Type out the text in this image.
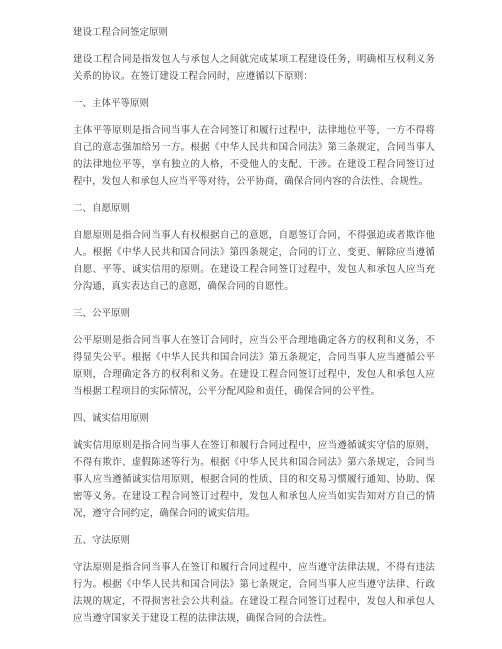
建设工程合同签定原则

建设工程合同是指发包人与承包人之间就完成某项工程建设任务，明确相互权利义务关系的协议。在签订建设工程合同时，应遵循以下原则：

一、主体平等原则

主体平等原则是指合同当事人在合同签订和履行过程中，法律地位平等，一方不得将自己的意志强加给另一方。根据《中华人民共和国合同法》第三条规定，合同当事人的法律地位平等，享有独立的人格，不受他人的支配、干涉。在建设工程合同签订过程中，发包人和承包人应当平等对待，公平协商，确保合同内容的合法性、合规性。

二、自愿原则

自愿原则是指合同当事人有权根据自己的意愿，自愿签订合同，不得强迫或者欺诈他人。根据《中华人民共和国合同法》第四条规定，合同的订立、变更、解除应当遵循自愿、平等、诚实信用的原则。在建设工程合同签订过程中，发包人和承包人应当充分沟通，真实表达自己的意愿，确保合同的自愿性。

三、公平原则

公平原则是指合同当事人在签订合同时，应当公平合理地确定各方的权利和义务，不得显失公平。根据《中华人民共和国合同法》第五条规定，合同当事人应当遵循公平原则，合理确定各方的权利和义务。在建设工程合同签订过程中，发包人和承包人应当根据工程项目的实际情况，公平分配风险和责任，确保合同的公平性。

四、诚实信用原则

诚实信用原则是指合同当事人在签订和履行合同过程中，应当遵循诚实守信的原则，不得有欺诈、虚假陈述等行为。根据《中华人民共和国合同法》第六条规定，合同当事人应当遵循诚实信用原则，根据合同的性质、目的和交易习惯履行通知、协助、保密等义务。在建设工程合同签订过程中，发包人和承包人应当如实告知对方自己的情况，遵守合同约定，确保合同的诚实信用。

五、守法原则

守法原则是指合同当事人在签订和履行合同过程中，应当遵守法律法规，不得有违法行为。根据《中华人民共和国合同法》第七条规定，合同当事人应当遵守法律、行政法规的规定，不得损害社会公共利益。在建设工程合同签订过程中，发包人和承包人应当遵守国家关于建设工程的法律法规，确保合同的合法性。
